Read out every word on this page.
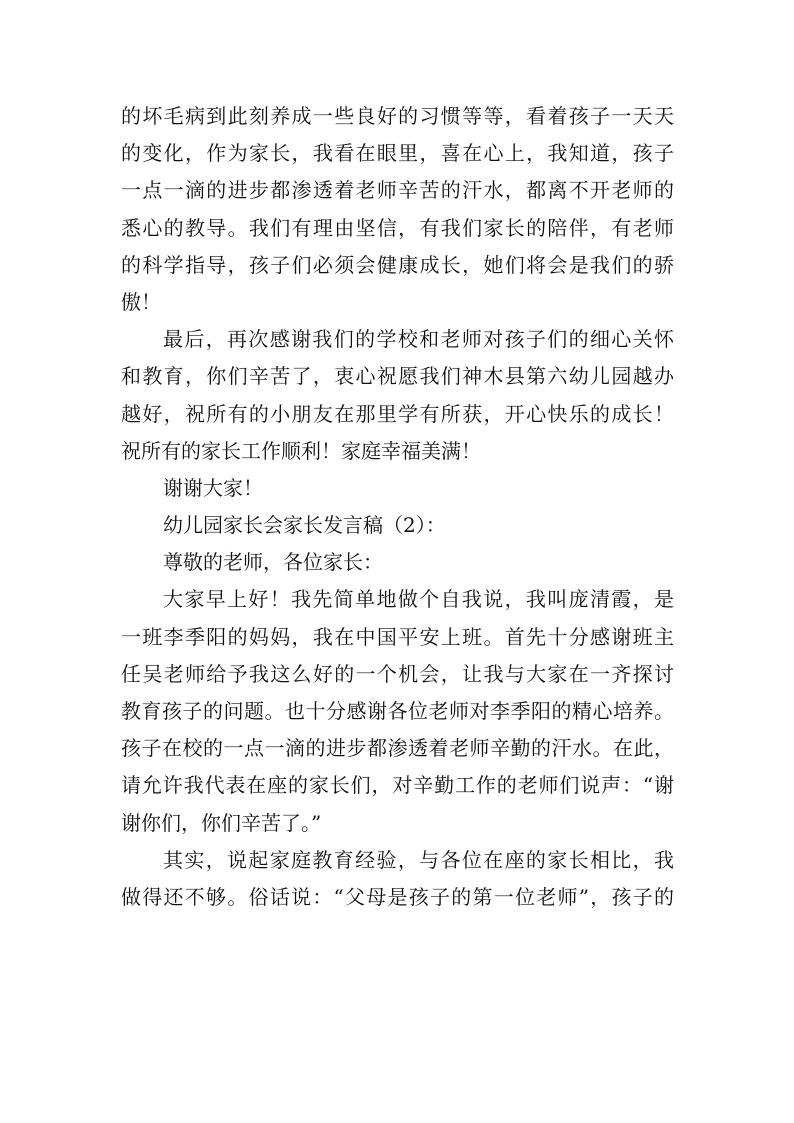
的坏毛病到此刻养成一些良好的习惯等等，看着孩子一天天
的变化，作为家长，我看在眼里，喜在心上，我知道，孩子
一点一滴的进步都渗透着老师辛苦的汗水，都离不开老师的
悉心的教导。我们有理由坚信，有我们家长的陪伴，有老师
的科学指导，孩子们必须会健康成长，她们将会是我们的骄
傲！
最后，再次感谢我们的学校和老师对孩子们的细心关怀
和教育，你们辛苦了，衷心祝愿我们神木县第六幼儿园越办
越好，祝所有的小朋友在那里学有所获，开心快乐的成长！
祝所有的家长工作顺利！家庭幸福美满！
谢谢大家！
幼儿园家长会家长发言稿（2）：
尊敬的老师，各位家长：
大家早上好！我先简单地做个自我说，我叫庞清霞，是
一班李季阳的妈妈，我在中国平安上班。首先十分感谢班主
任吴老师给予我这么好的一个机会，让我与大家在一齐探讨
教育孩子的问题。也十分感谢各位老师对李季阳的精心培养。
孩子在校的一点一滴的进步都渗透着老师辛勤的汗水。在此，
请允许我代表在座的家长们，对辛勤工作的老师们说声：“谢
谢你们，你们辛苦了。”
其实，说起家庭教育经验，与各位在座的家长相比，我
做得还不够。俗话说：“父母是孩子的第一位老师”，孩子的
